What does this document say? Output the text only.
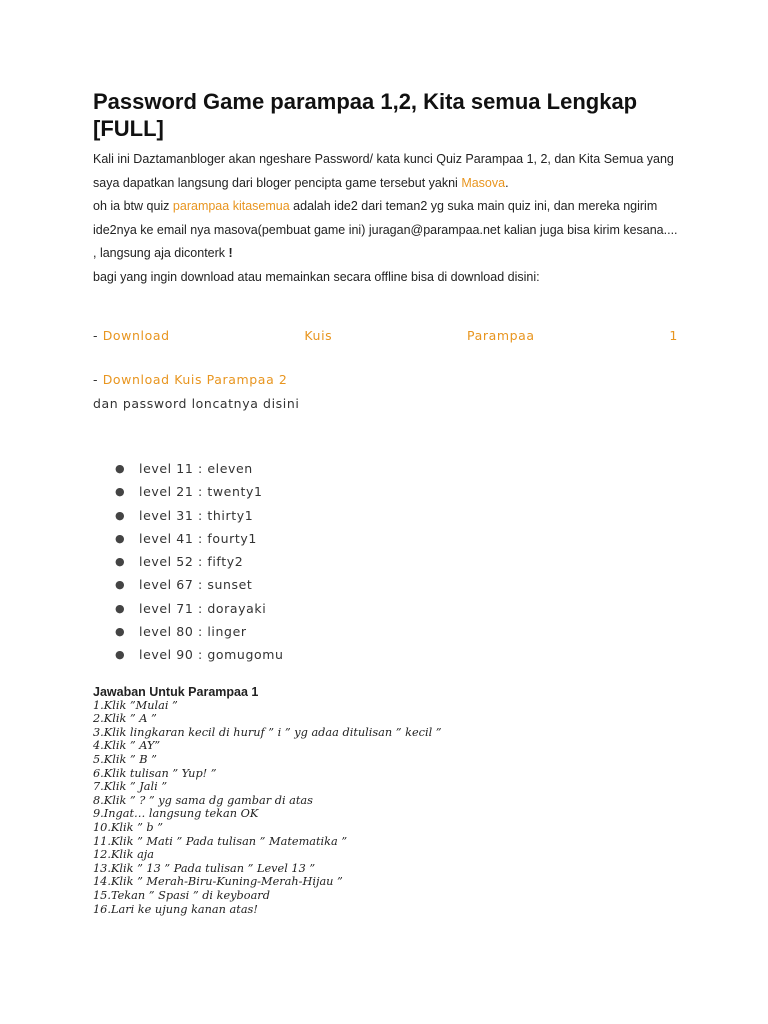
Password Game parampaa 1,2, Kita semua Lengkap [FULL]

Kali ini Daztamanbloger akan ngeshare Password/ kata kunci Quiz Parampaa 1, 2, dan Kita Semua yang saya dapatkan langsung dari bloger pencipta game tersebut yakni Masova.

oh ia btw quiz parampaa kitasemua adalah ide2 dari teman2 yg suka main quiz ini, dan mereka ngirim ide2nya ke email nya masova(pembuat game ini) juragan@parampaa.net kalian juga bisa kirim kesana.... , langsung aja diconterk !

bagi yang ingin download atau memainkan secara offline bisa di download disini:

- Download	Kuis	Parampaa	1
- Download Kuis Parampaa 2
dan password loncatnya disini
● level 11 : eleven
● level 21 : twenty1
● level 31 : thirty1
● level 41 : fourty1
● level 52 : fifty2
● level 67 : sunset
● level 71 : dorayaki
● level 80 : linger
● level 90 : gomugomu
Jawaban Untuk Parampaa 1
1.Klik ”Mulai ”
2.Klik ” A ”
3.Klik lingkaran kecil di huruf ” i ” yg adaa ditulisan ” kecil ”
4.Klik ” AY”
5.Klik ” B ”
6.Klik tulisan ” Yup! ”
7.Klik ” Jali ”
8.Klik ” ? ” yg sama dg gambar di atas
9.Ingat… langsung tekan OK
10.Klik ” b ”
11.Klik ” Mati ” Pada tulisan ” Matematika ”
12.Klik aja
13.Klik ” 13 ” Pada tulisan ” Level 13 ”
14.Klik ” Merah-Biru-Kuning-Merah-Hijau ”
15.Tekan ” Spasi ” di keyboard
16.Lari ke ujung kanan atas!
